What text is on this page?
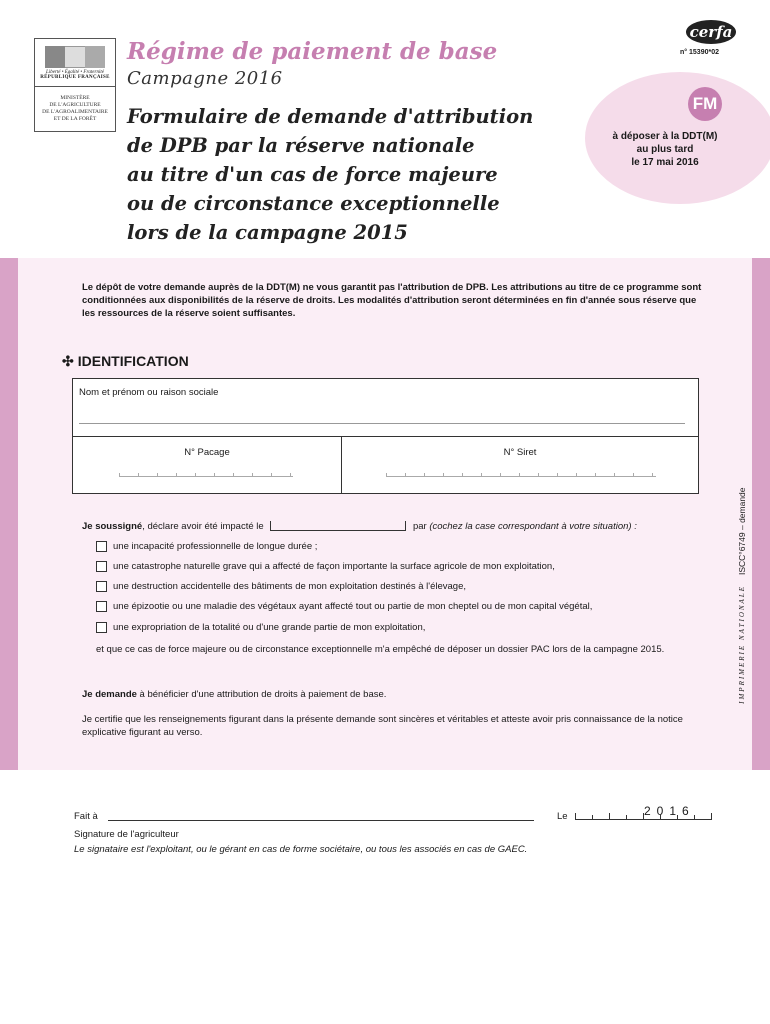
Liberté • Égalité • Fraternité
RÉPUBLIQUE FRANÇAISE
MINISTÈRE
DE L'AGRICULTURE
DE L'AGROALIMENTAIRE
ET DE LA FORÊT
Régime de paiement de base
Campagne 2016
Formulaire de demande d'attribution
de DPB par la réserve nationale
au titre d'un cas de force majeure
ou de circonstance exceptionnelle
lors de la campagne 2015
cerfa
n° 15390*02
FM
à déposer à la DDT(M)
au plus tard
le 17 mai 2016
Le dépôt de votre demande auprès de la DDT(M) ne vous garantit pas l'attribution de DPB. Les attributions au titre de ce programme sont conditionnées aux disponibilités de la réserve de droits. Les modalités d'attribution seront déterminées en fin d'année sous réserve que les ressources de la réserve soient suffisantes.
✣ IDENTIFICATION
Nom et prénom ou raison sociale
N° Pacage	N° Siret
Je soussigné, déclare avoir été impacté le	par (cochez la case correspondant à votre situation) :
une incapacité professionnelle de longue durée ;
une catastrophe naturelle grave qui a affecté de façon importante la surface agricole de mon exploitation,
une destruction accidentelle des bâtiments de mon exploitation destinés à l'élevage,
une épizootie ou une maladie des végétaux ayant affecté tout ou partie de mon cheptel ou de mon capital végétal,
une expropriation de la totalité ou d'une grande partie de mon exploitation,
et que ce cas de force majeure ou de circonstance exceptionnelle m'a empêché de déposer un dossier PAC lors de la campagne 2015.
Je demande à bénéficier d'une attribution de droits à paiement de base.
Je certifie que les renseignements figurant dans la présente demande sont sincères et véritables et atteste avoir pris connaissance de la notice explicative figurant au verso.
ISCC°6749 – demande
IMPRIMERIE NATIONALE
Fait à	Le	2016
Signature de l'agriculteur
Le signataire est l'exploitant, ou le gérant en cas de forme sociétaire, ou tous les associés en cas de GAEC.
